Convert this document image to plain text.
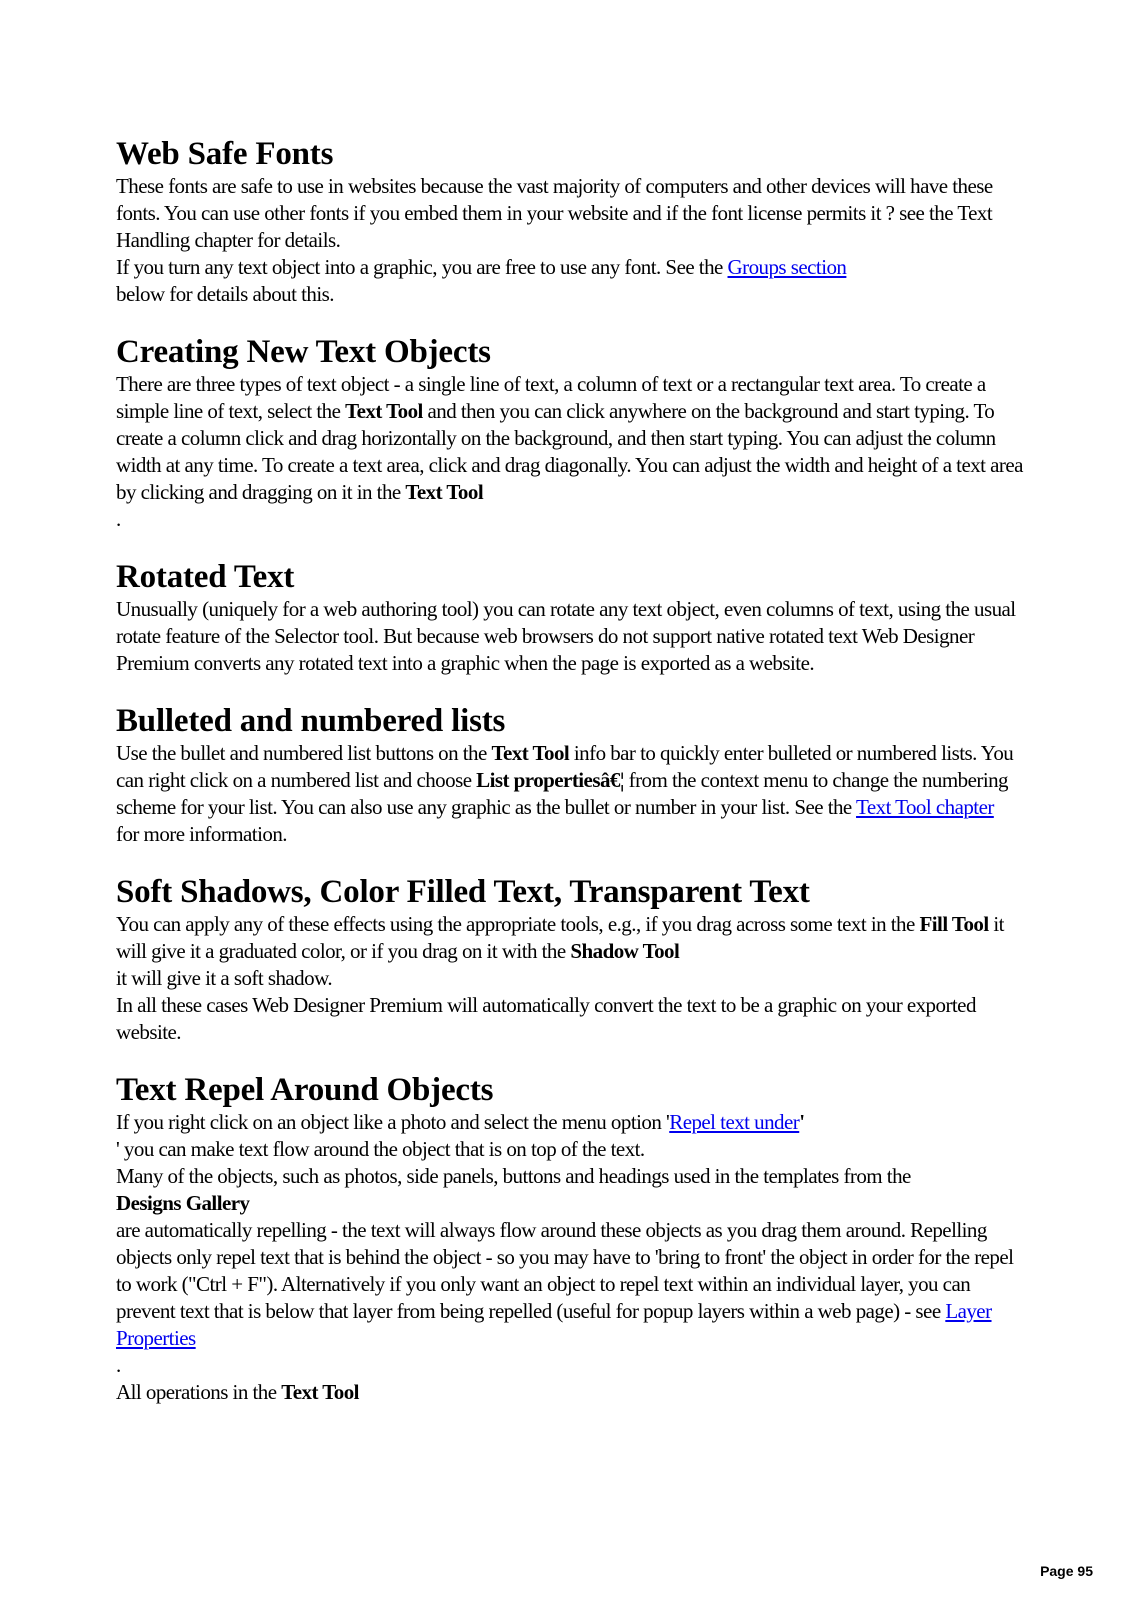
Web Safe Fonts

These fonts are safe to use in websites because the vast majority of computers and other devices will have these fonts. You can use other fonts if you embed them in your website and if the font license permits it ? see the Text Handling chapter for details.

If you turn any text object into a graphic, you are free to use any font. See the Groups section

below for details about this.

Creating New Text Objects

There are three types of text object - a single line of text, a column of text or a rectangular text area. To create a simple line of text, select the Text Tool and then you can click anywhere on the background and start typing. To create a column click and drag horizontally on the background, and then start typing. You can adjust the column width at any time. To create a text area, click and drag diagonally. You can adjust the width and height of a text area by clicking and dragging on it in the Text Tool

.

Rotated Text

Unusually (uniquely for a web authoring tool) you can rotate any text object, even columns of text, using the usual rotate feature of the Selector tool. But because web browsers do not support native rotated text Web Designer Premium converts any rotated text into a graphic when the page is exported as a website.

Bulleted and numbered lists

Use the bullet and numbered list buttons on the Text Tool info bar to quickly enter bulleted or numbered lists. You can right click on a numbered list and choose List propertiesâ€¦ from the context menu to change the numbering scheme for your list. You can also use any graphic as the bullet or number in your list. See the Text Tool chapter

for more information.

Soft Shadows, Color Filled Text, Transparent Text

You can apply any of these effects using the appropriate tools, e.g., if you drag across some text in the Fill Tool it will give it a graduated color, or if you drag on it with the Shadow Tool

it will give it a soft shadow.

In all these cases Web Designer Premium will automatically convert the text to be a graphic on your exported website.

Text Repel Around Objects

If you right click on an object like a photo and select the menu option 'Repel text under'

' you can make text flow around the object that is on top of the text.

Many of the objects, such as photos, side panels, buttons and headings used in the templates from the

Designs Gallery

are automatically repelling - the text will always flow around these objects as you drag them around. Repelling objects only repel text that is behind the object - so you may have to 'bring to front' the object in order for the repel to work ("Ctrl + F"). Alternatively if you only want an object to repel text within an individual layer, you can prevent text that is below that layer from being repelled (useful for popup layers within a web page) - see Layer Properties

.

All operations in the Text Tool

Page 95
